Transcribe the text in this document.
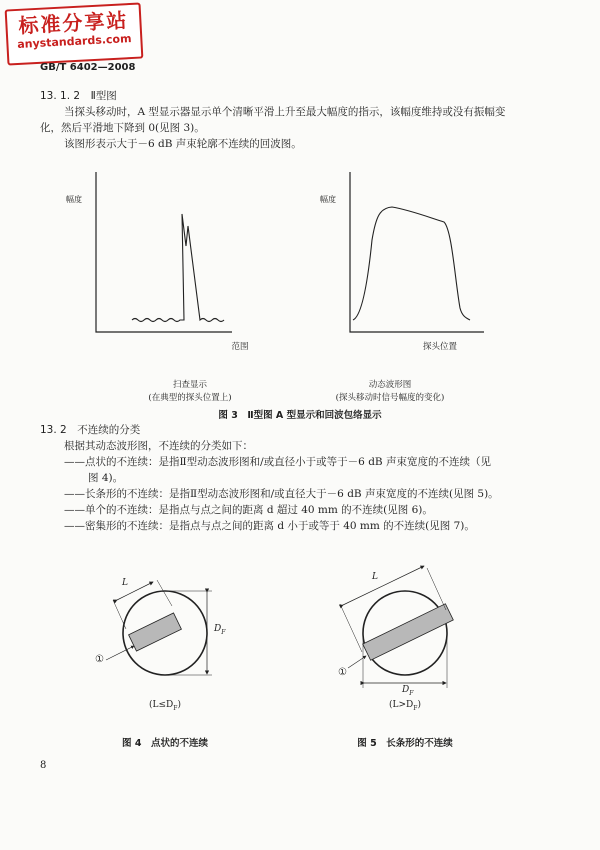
标准分享站
anystandards.com
GB/T 6402—2008
13. 1. 2　Ⅱ型图
当探头移动时，A 型显示器显示单个清晰平滑上升至最大幅度的指示，该幅度维持或没有振幅变
化，然后平滑地下降到 0(见图 3)。
该图形表示大于－6 dB 声束轮廓不连续的回波图。
幅度	幅度
范围	探头位置
扫查显示
(在典型的探头位置上)
动态波形图
(探头移动时信号幅度的变化)
图 3　Ⅱ型图 A 型显示和回波包络显示
13. 2　不连续的分类
根据其动态波形图，不连续的分类如下：
——点状的不连续：是指Ⅱ型动态波形图和/或直径小于或等于－6 dB 声束宽度的不连续（见
图 4)。
——长条形的不连续：是指Ⅱ型动态波形图和/或直径大于－6 dB 声束宽度的不连续(见图 5)。
——单个的不连续：是指点与点之间的距离 d 超过 40 mm 的不连续(见图 6)。
——密集形的不连续：是指点与点之间的距离 d 小于或等于 40 mm 的不连续(见图 7)。
L
$D_F$
①
$(L\le D_F)$
图 4　点状的不连续
L
$D_F$
①
$(L>D_F)$
图 5　长条形的不连续
8
